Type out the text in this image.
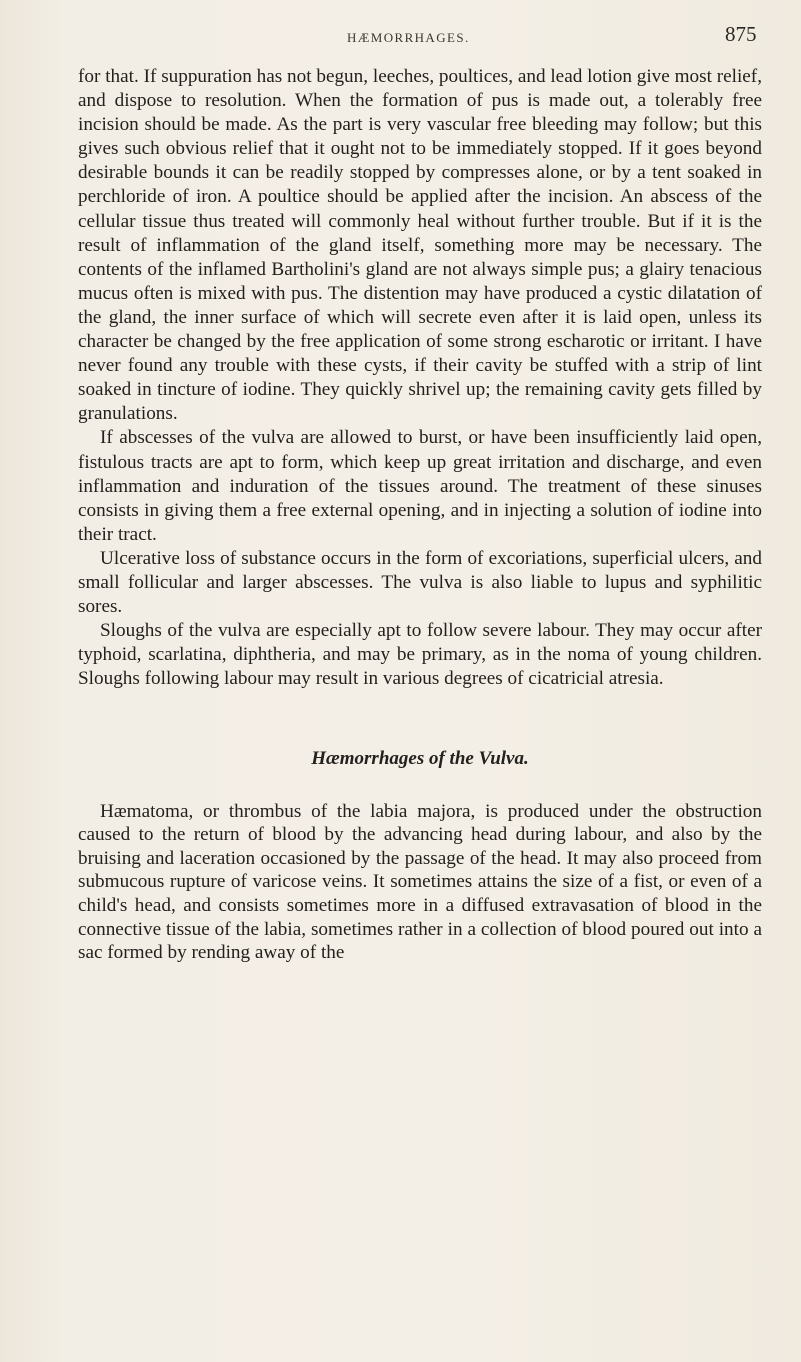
HÆMORRHAGES.	875

for that. If suppuration has not begun, leeches, poultices, and lead lotion give most relief, and dispose to resolution. When the formation of pus is made out, a tolerably free incision should be made. As the part is very vascular free bleeding may follow; but this gives such obvious relief that it ought not to be immediately stopped. If it goes beyond desirable bounds it can be readily stopped by compresses alone, or by a tent soaked in perchloride of iron. A poultice should be applied after the incision. An abscess of the cellular tissue thus treated will commonly heal without further trouble. But if it is the result of inflammation of the gland itself, something more may be necessary. The contents of the inflamed Bartholini's gland are not always simple pus; a glairy tenacious mucus often is mixed with pus. The distention may have produced a cystic dilatation of the gland, the inner surface of which will secrete even after it is laid open, unless its character be changed by the free application of some strong escharotic or irritant. I have never found any trouble with these cysts, if their cavity be stuffed with a strip of lint soaked in tincture of iodine. They quickly shrivel up; the remaining cavity gets filled by granulations.

If abscesses of the vulva are allowed to burst, or have been insufficiently laid open, fistulous tracts are apt to form, which keep up great irritation and discharge, and even inflammation and induration of the tissues around. The treatment of these sinuses consists in giving them a free external opening, and in injecting a solution of iodine into their tract.

Ulcerative loss of substance occurs in the form of excoriations, superficial ulcers, and small follicular and larger abscesses. The vulva is also liable to lupus and syphilitic sores.

Sloughs of the vulva are especially apt to follow severe labour. They may occur after typhoid, scarlatina, diphtheria, and may be primary, as in the noma of young children. Sloughs following labour may result in various degrees of cicatricial atresia.

Hæmorrhages of the Vulva.

Hæmatoma, or thrombus of the labia majora, is produced under the obstruction caused to the return of blood by the advancing head during labour, and also by the bruising and laceration occasioned by the passage of the head. It may also proceed from submucous rupture of varicose veins. It sometimes attains the size of a fist, or even of a child's head, and consists sometimes more in a diffused extravasation of blood in the connective tissue of the labia, sometimes rather in a collection of blood poured out into a sac formed by rending away of the
